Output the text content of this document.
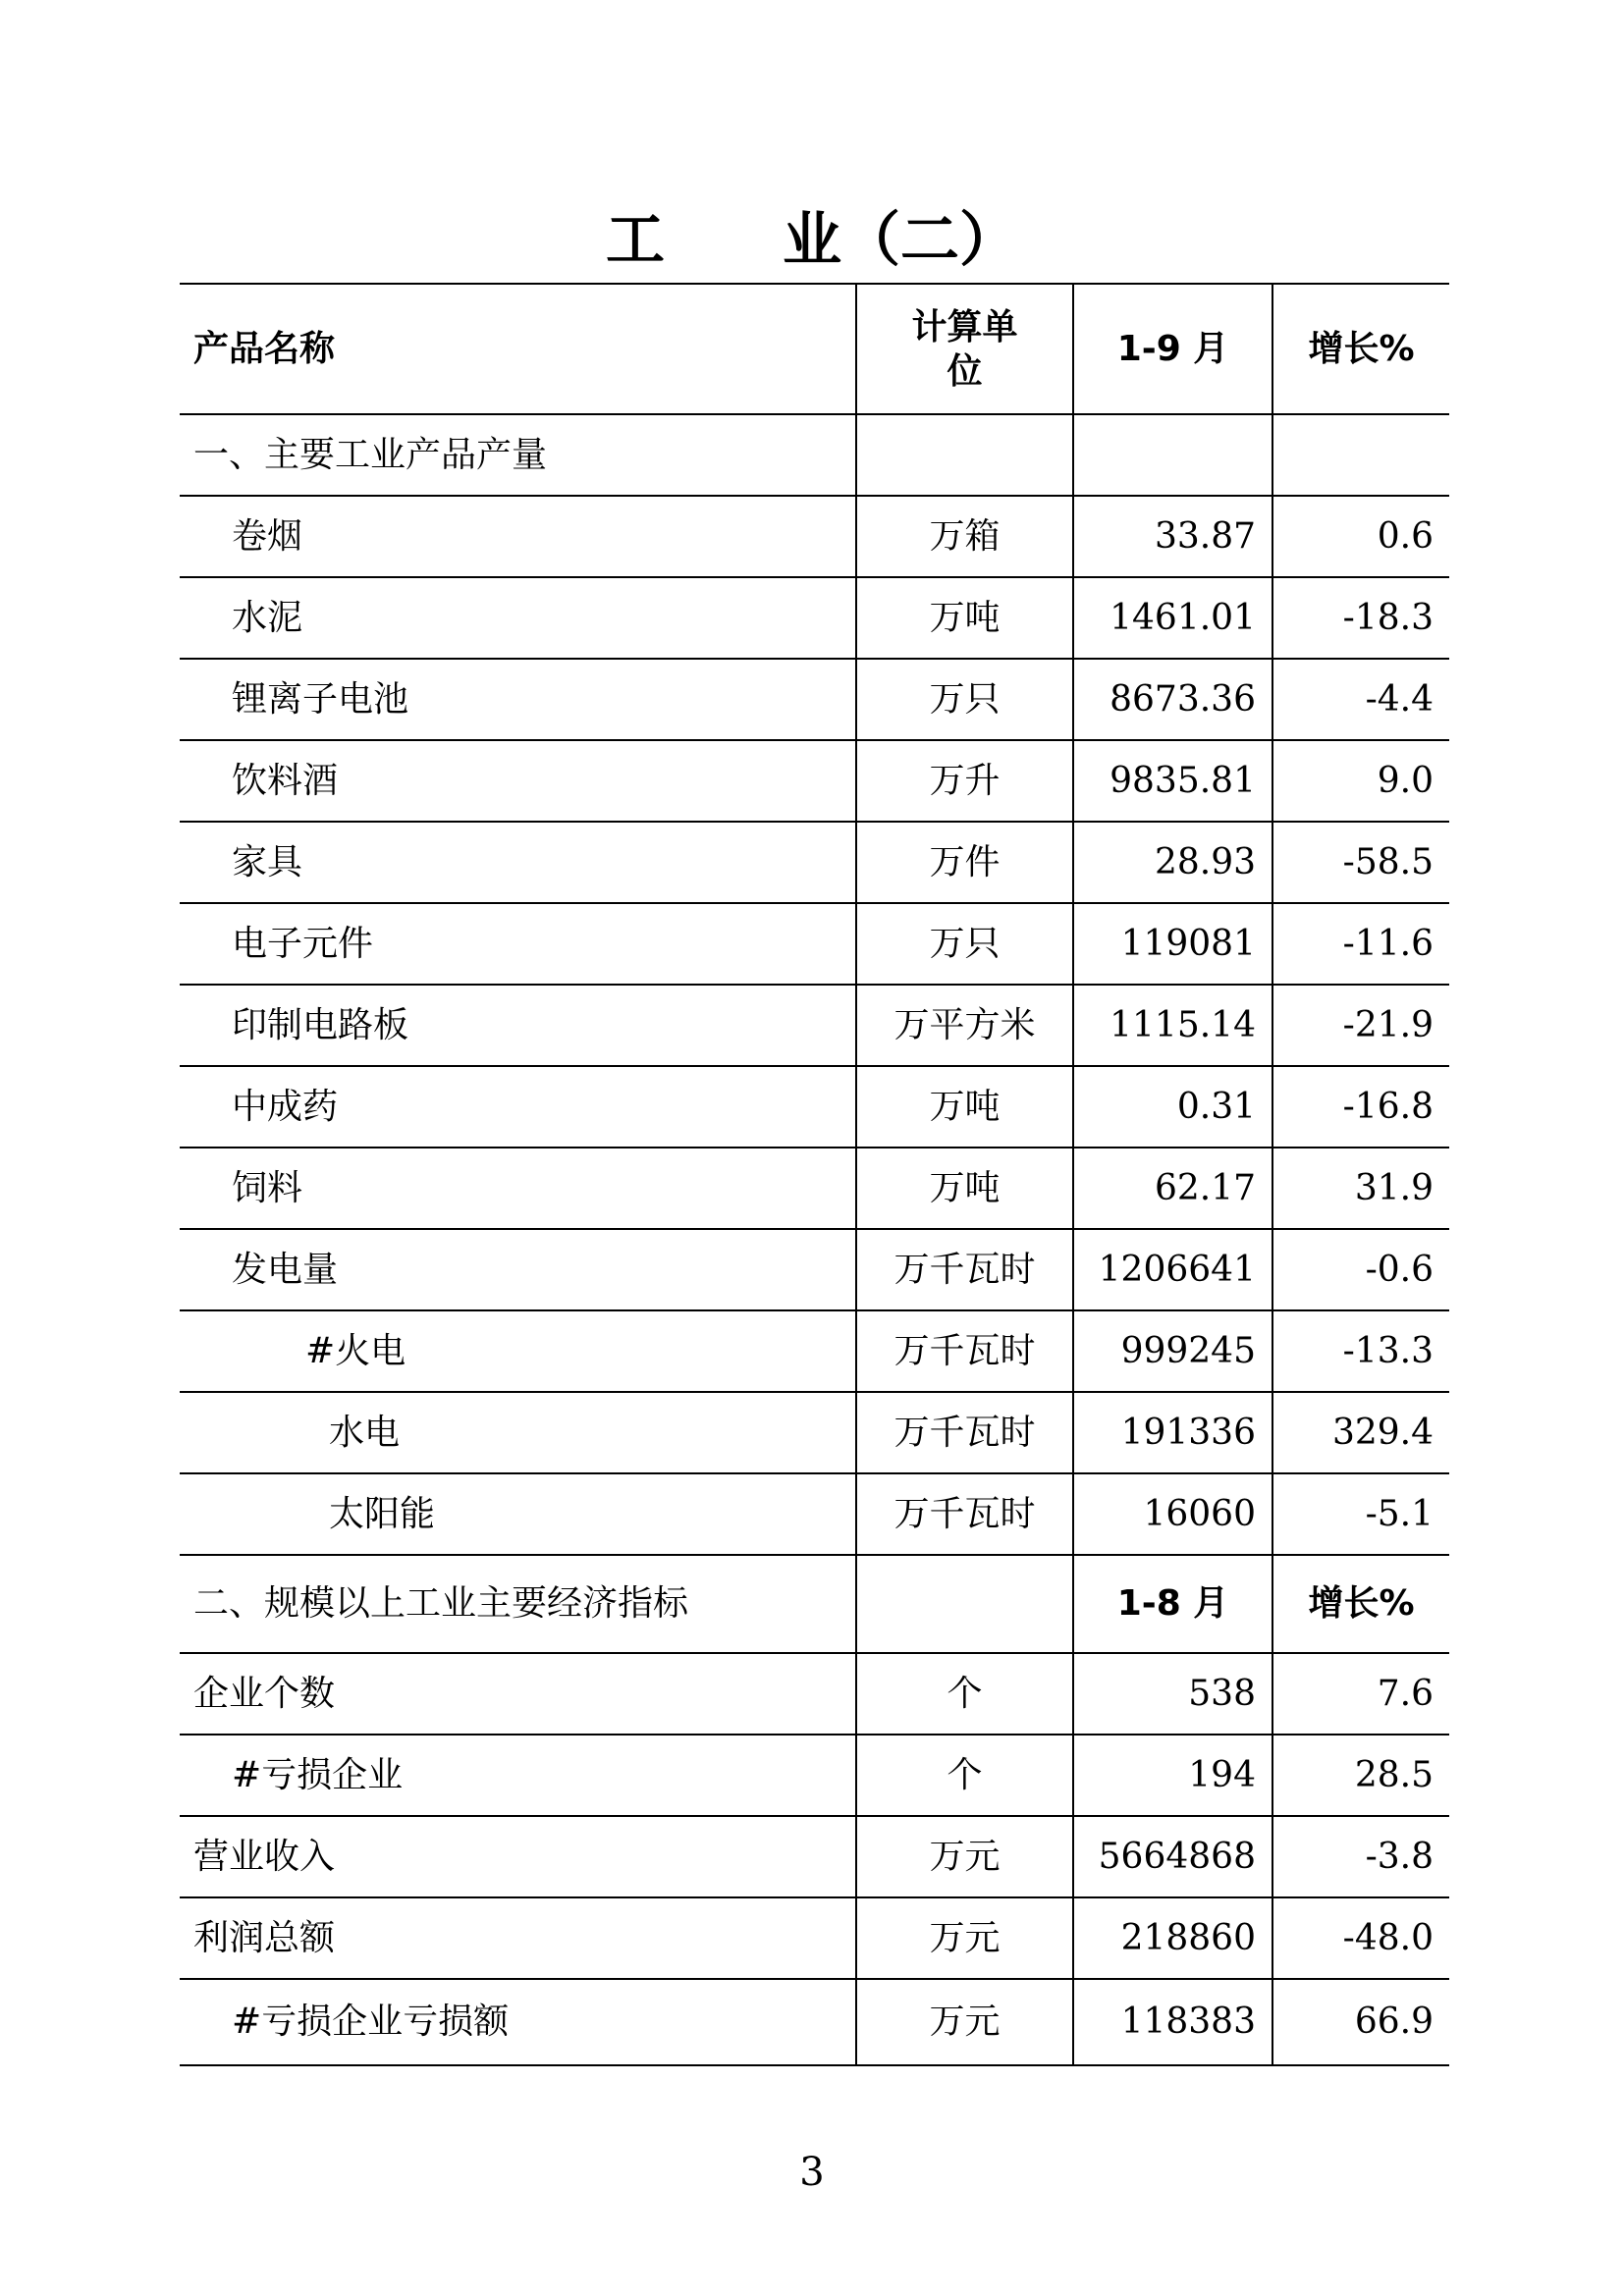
工　　业（二）
产品名称	计算单位	1-9 月	增长%
一、主要工业产品产量			
卷烟	万箱	33.87	0.6
水泥	万吨	1461.01	-18.3
锂离子电池	万只	8673.36	-4.4
饮料酒	万升	9835.81	9.0
家具	万件	28.93	-58.5
电子元件	万只	119081	-11.6
印制电路板	万平方米	1115.14	-21.9
中成药	万吨	0.31	-16.8
饲料	万吨	62.17	31.9
发电量	万千瓦时	1206641	-0.6
#火电	万千瓦时	999245	-13.3
水电	万千瓦时	191336	329.4
太阳能	万千瓦时	16060	-5.1
二、规模以上工业主要经济指标		1-8 月	增长%
企业个数	个	538	7.6
#亏损企业	个	194	28.5
营业收入	万元	5664868	-3.8
利润总额	万元	218860	-48.0
#亏损企业亏损额	万元	118383	66.9
3
